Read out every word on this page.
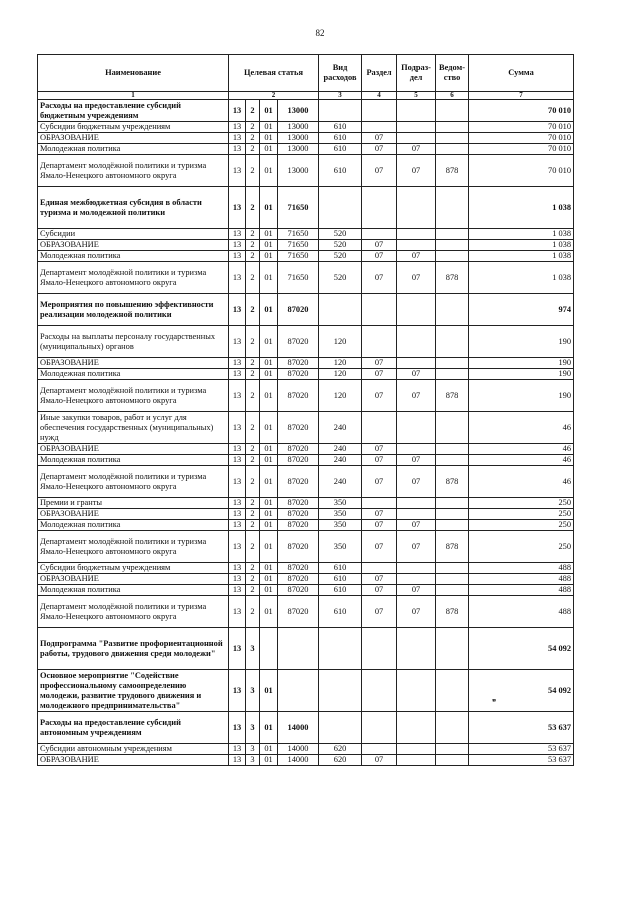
82
Наименование	Целевая статья				Вид расходов	Раздел	Подраз-дел	Ведом-ство	Сумма
1	2				3	4	5	6	7
Расходы на предоставление субсидий бюджетным учреждениям	13	2	01	13000					70 010
Субсидии бюджетным учреждениям	13	2	01	13000	610				70 010
ОБРАЗОВАНИЕ	13	2	01	13000	610	07			70 010
Молодежная политика	13	2	01	13000	610	07	07		70 010
Департамент молодёжной политики и туризма Ямало-Ненецкого автономного округа	13	2	01	13000	610	07	07	878	70 010
Единая межбюджетная субсидия в области туризма и молодежной политики	13	2	01	71650					1 038
Субсидии	13	2	01	71650	520				1 038
ОБРАЗОВАНИЕ	13	2	01	71650	520	07			1 038
Молодежная политика	13	2	01	71650	520	07	07		1 038
Департамент молодёжной политики и туризма Ямало-Ненецкого автономного округа	13	2	01	71650	520	07	07	878	1 038
Мероприятия по повышению эффективности реализации молодежной политики	13	2	01	87020					974
Расходы на выплаты персоналу государственных (муниципальных) органов	13	2	01	87020	120				190
ОБРАЗОВАНИЕ	13	2	01	87020	120	07			190
Молодежная политика	13	2	01	87020	120	07	07		190
Департамент молодёжной политики и туризма Ямало-Ненецкого автономного округа	13	2	01	87020	120	07	07	878	190
Иные закупки товаров, работ и услуг для обеспечения государственных (муниципальных) нужд	13	2	01	87020	240				46
ОБРАЗОВАНИЕ	13	2	01	87020	240	07			46
Молодежная политика	13	2	01	87020	240	07	07		46
Департамент молодёжной политики и туризма Ямало-Ненецкого автономного округа	13	2	01	87020	240	07	07	878	46
Премии и гранты	13	2	01	87020	350				250
ОБРАЗОВАНИЕ	13	2	01	87020	350	07			250
Молодежная политика	13	2	01	87020	350	07	07		250
Департамент молодёжной политики и туризма Ямало-Ненецкого автономного округа	13	2	01	87020	350	07	07	878	250
Субсидии бюджетным учреждениям	13	2	01	87020	610				488
ОБРАЗОВАНИЕ	13	2	01	87020	610	07			488
Молодежная политика	13	2	01	87020	610	07	07		488
Департамент молодёжной политики и туризма Ямало-Ненецкого автономного округа	13	2	01	87020	610	07	07	878	488
Подпрограмма "Развитие профориентационной работы, трудового движения среди молодежи"	13	3							54 092
Основное мероприятие "Содействие профессиональному самоопределению молодежи, развитие трудового движения и молодежного предпринимательства"	13	3	01						54 092
Расходы на предоставление субсидий автономным учреждениям	13	3	01	14000					53 637
Субсидии автономным учреждениям	13	3	01	14000	620				53 637
ОБРАЗОВАНИЕ	13	3	01	14000	620	07			53 637
❞
